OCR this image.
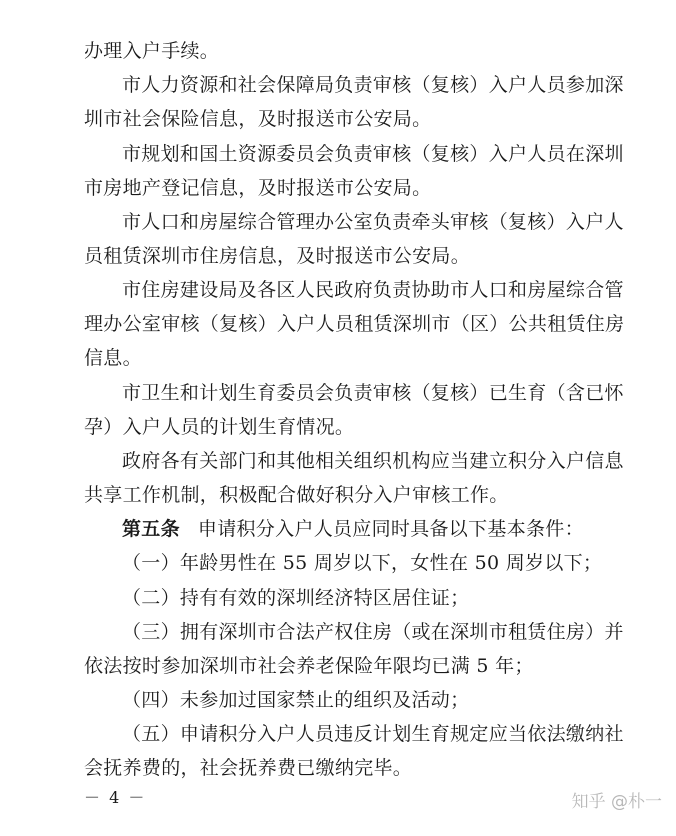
办理入户手续。
市人力资源和社会保障局负责审核（复核）入户人员参加深
圳市社会保险信息，及时报送市公安局。
市规划和国土资源委员会负责审核（复核）入户人员在深圳
市房地产登记信息，及时报送市公安局。
市人口和房屋综合管理办公室负责牵头审核（复核）入户人
员租赁深圳市住房信息，及时报送市公安局。
市住房建设局及各区人民政府负责协助市人口和房屋综合管
理办公室审核（复核）入户人员租赁深圳市（区）公共租赁住房
信息。
市卫生和计划生育委员会负责审核（复核）已生育（含已怀
孕）入户人员的计划生育情况。
政府各有关部门和其他相关组织机构应当建立积分入户信息
共享工作机制，积极配合做好积分入户审核工作。
第五条 申请积分入户人员应同时具备以下基本条件：
（一）年龄男性在 55 周岁以下，女性在 50 周岁以下；
（二）持有有效的深圳经济特区居住证；
（三）拥有深圳市合法产权住房（或在深圳市租赁住房）并
依法按时参加深圳市社会养老保险年限均已满 5 年；
（四）未参加过国家禁止的组织及活动；
（五）申请积分入户人员违反计划生育规定应当依法缴纳社
会抚养费的，社会抚养费已缴纳完毕。
－ 4 －	知乎 @朴一
